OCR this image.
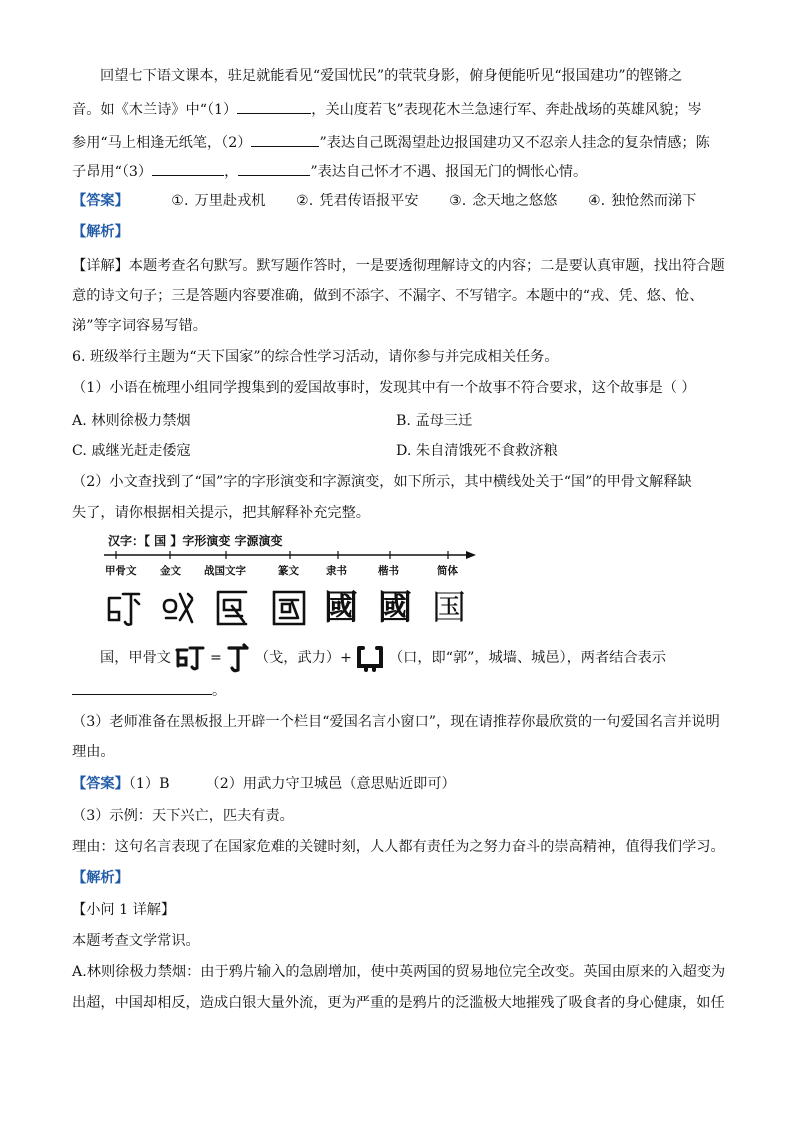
回望七下语文课本，驻足就能看见“爱国忧民”的茕茕身影，俯身便能听见“报国建功”的铿锵之
音。如《木兰诗》中“（1）	，关山度若飞”表现花木兰急速行军、奔赴战场的英雄风貌；岑
参用“马上相逢无纸笔，（2）	”表达自己既渴望赴边报国建功又不忍亲人挂念的复杂情感；陈
子昂用“（3）	，	”表达自己怀才不遇、报国无门的惆怅心情。
【答案】	①. 万里赴戎机 ②. 凭君传语报平安 ③. 念天地之悠悠 ④. 独怆然而涕下
【解析】
【详解】本题考查名句默写。默写题作答时，一是要透彻理解诗文的内容；二是要认真审题，找出符合题
意的诗文句子；三是答题内容要准确，做到不添字、不漏字、不写错字。本题中的“戎、凭、悠、怆、
涕”等字词容易写错。
6. 班级举行主题为“天下国家”的综合性学习活动，请你参与并完成相关任务。
（1）小语在梳理小组同学搜集到的爱国故事时，发现其中有一个故事不符合要求，这个故事是（ ）
A. 林则徐极力禁烟	B. 孟母三迁
C. 戚继光赶走倭寇	D. 朱自清饿死不食救济粮
（2）小文查找到了“国”字的字形演变和字源演变，如下所示，其中横线处关于“国”的甲骨文解释缺
失了，请你根据相关提示，把其解释补充完整。
汉字：【 国 】字形演变 字源演变
甲骨文 金文 战国文字	篆文	隶书	楷书	简体
國 國 国
国，甲骨文	= （戈，武力）+	（口，即“郭”，城墙、城邑），两者结合表示
。
（3）老师准备在黑板报上开辟一个栏目“爱国名言小窗口”，现在请推荐你最欣赏的一句爱国名言并说明
理由。
【答案】（1）B	（2）用武力守卫城邑（意思贴近即可）
（3）示例：天下兴亡，匹夫有责。
理由：这句名言表现了在国家危难的关键时刻，人人都有责任为之努力奋斗的崇高精神，值得我们学习。
【解析】
【小问 1 详解】
本题考查文学常识。
A.林则徐极力禁烟：由于鸦片输入的急剧增加，使中英两国的贸易地位完全改变。英国由原来的入超变为
出超，中国却相反，造成白银大量外流，更为严重的是鸦片的泛滥极大地摧残了吸食者的身心健康，如任
